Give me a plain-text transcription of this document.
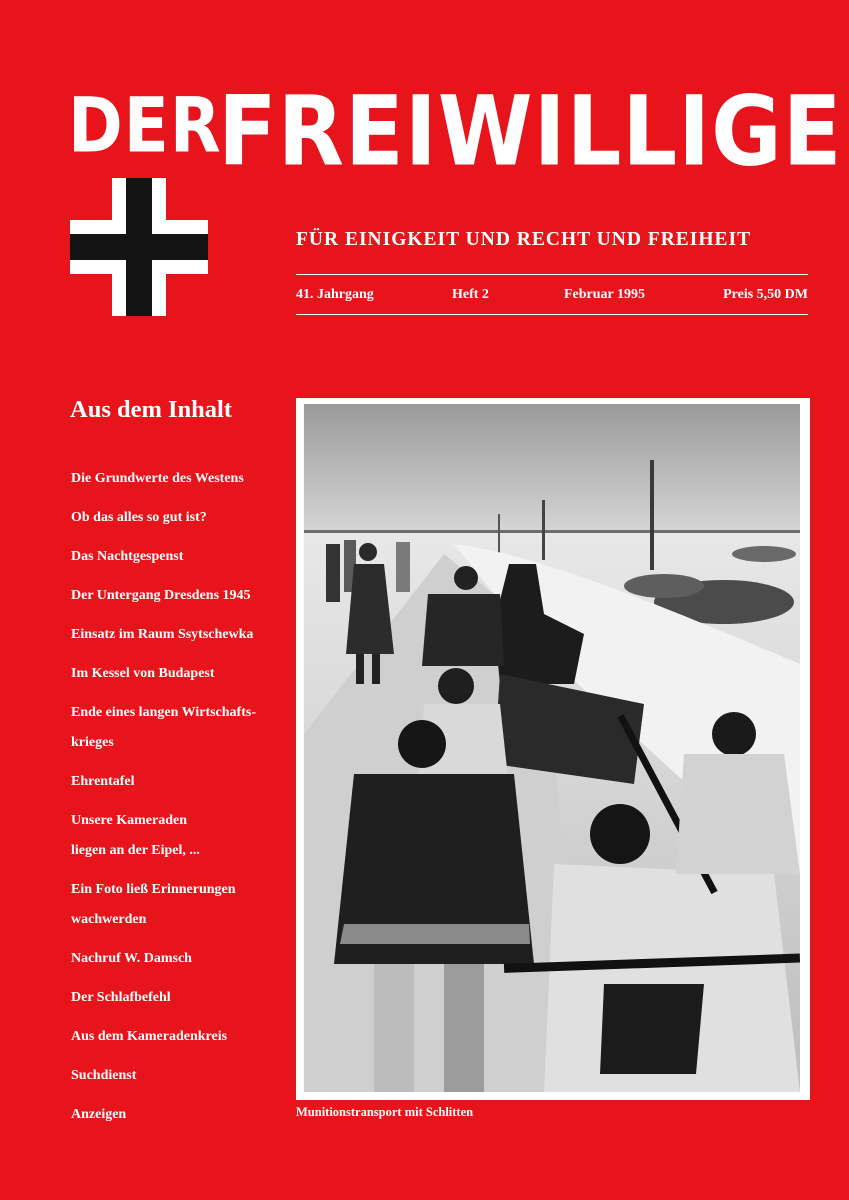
DER
FREIWILLIGE
FÜR EINIGKEIT UND RECHT UND FREIHEIT
41. Jahrgang	Heft 2	Februar 1995	Preis 5,50 DM
Aus dem Inhalt
Die Grundwerte des Westens
Ob das alles so gut ist?
Das Nachtgespenst
Der Untergang Dresdens 1945
Einsatz im Raum Ssytschewka
Im Kessel von Budapest
Ende eines langen Wirtschafts-
krieges
Ehrentafel
Unsere Kameraden
liegen an der Eipel, ...
Ein Foto ließ Erinnerungen
wachwerden
Nachruf W. Damsch
Der Schlafbefehl
Aus dem Kameradenkreis
Suchdienst
Anzeigen	Munitionstransport mit Schlitten
